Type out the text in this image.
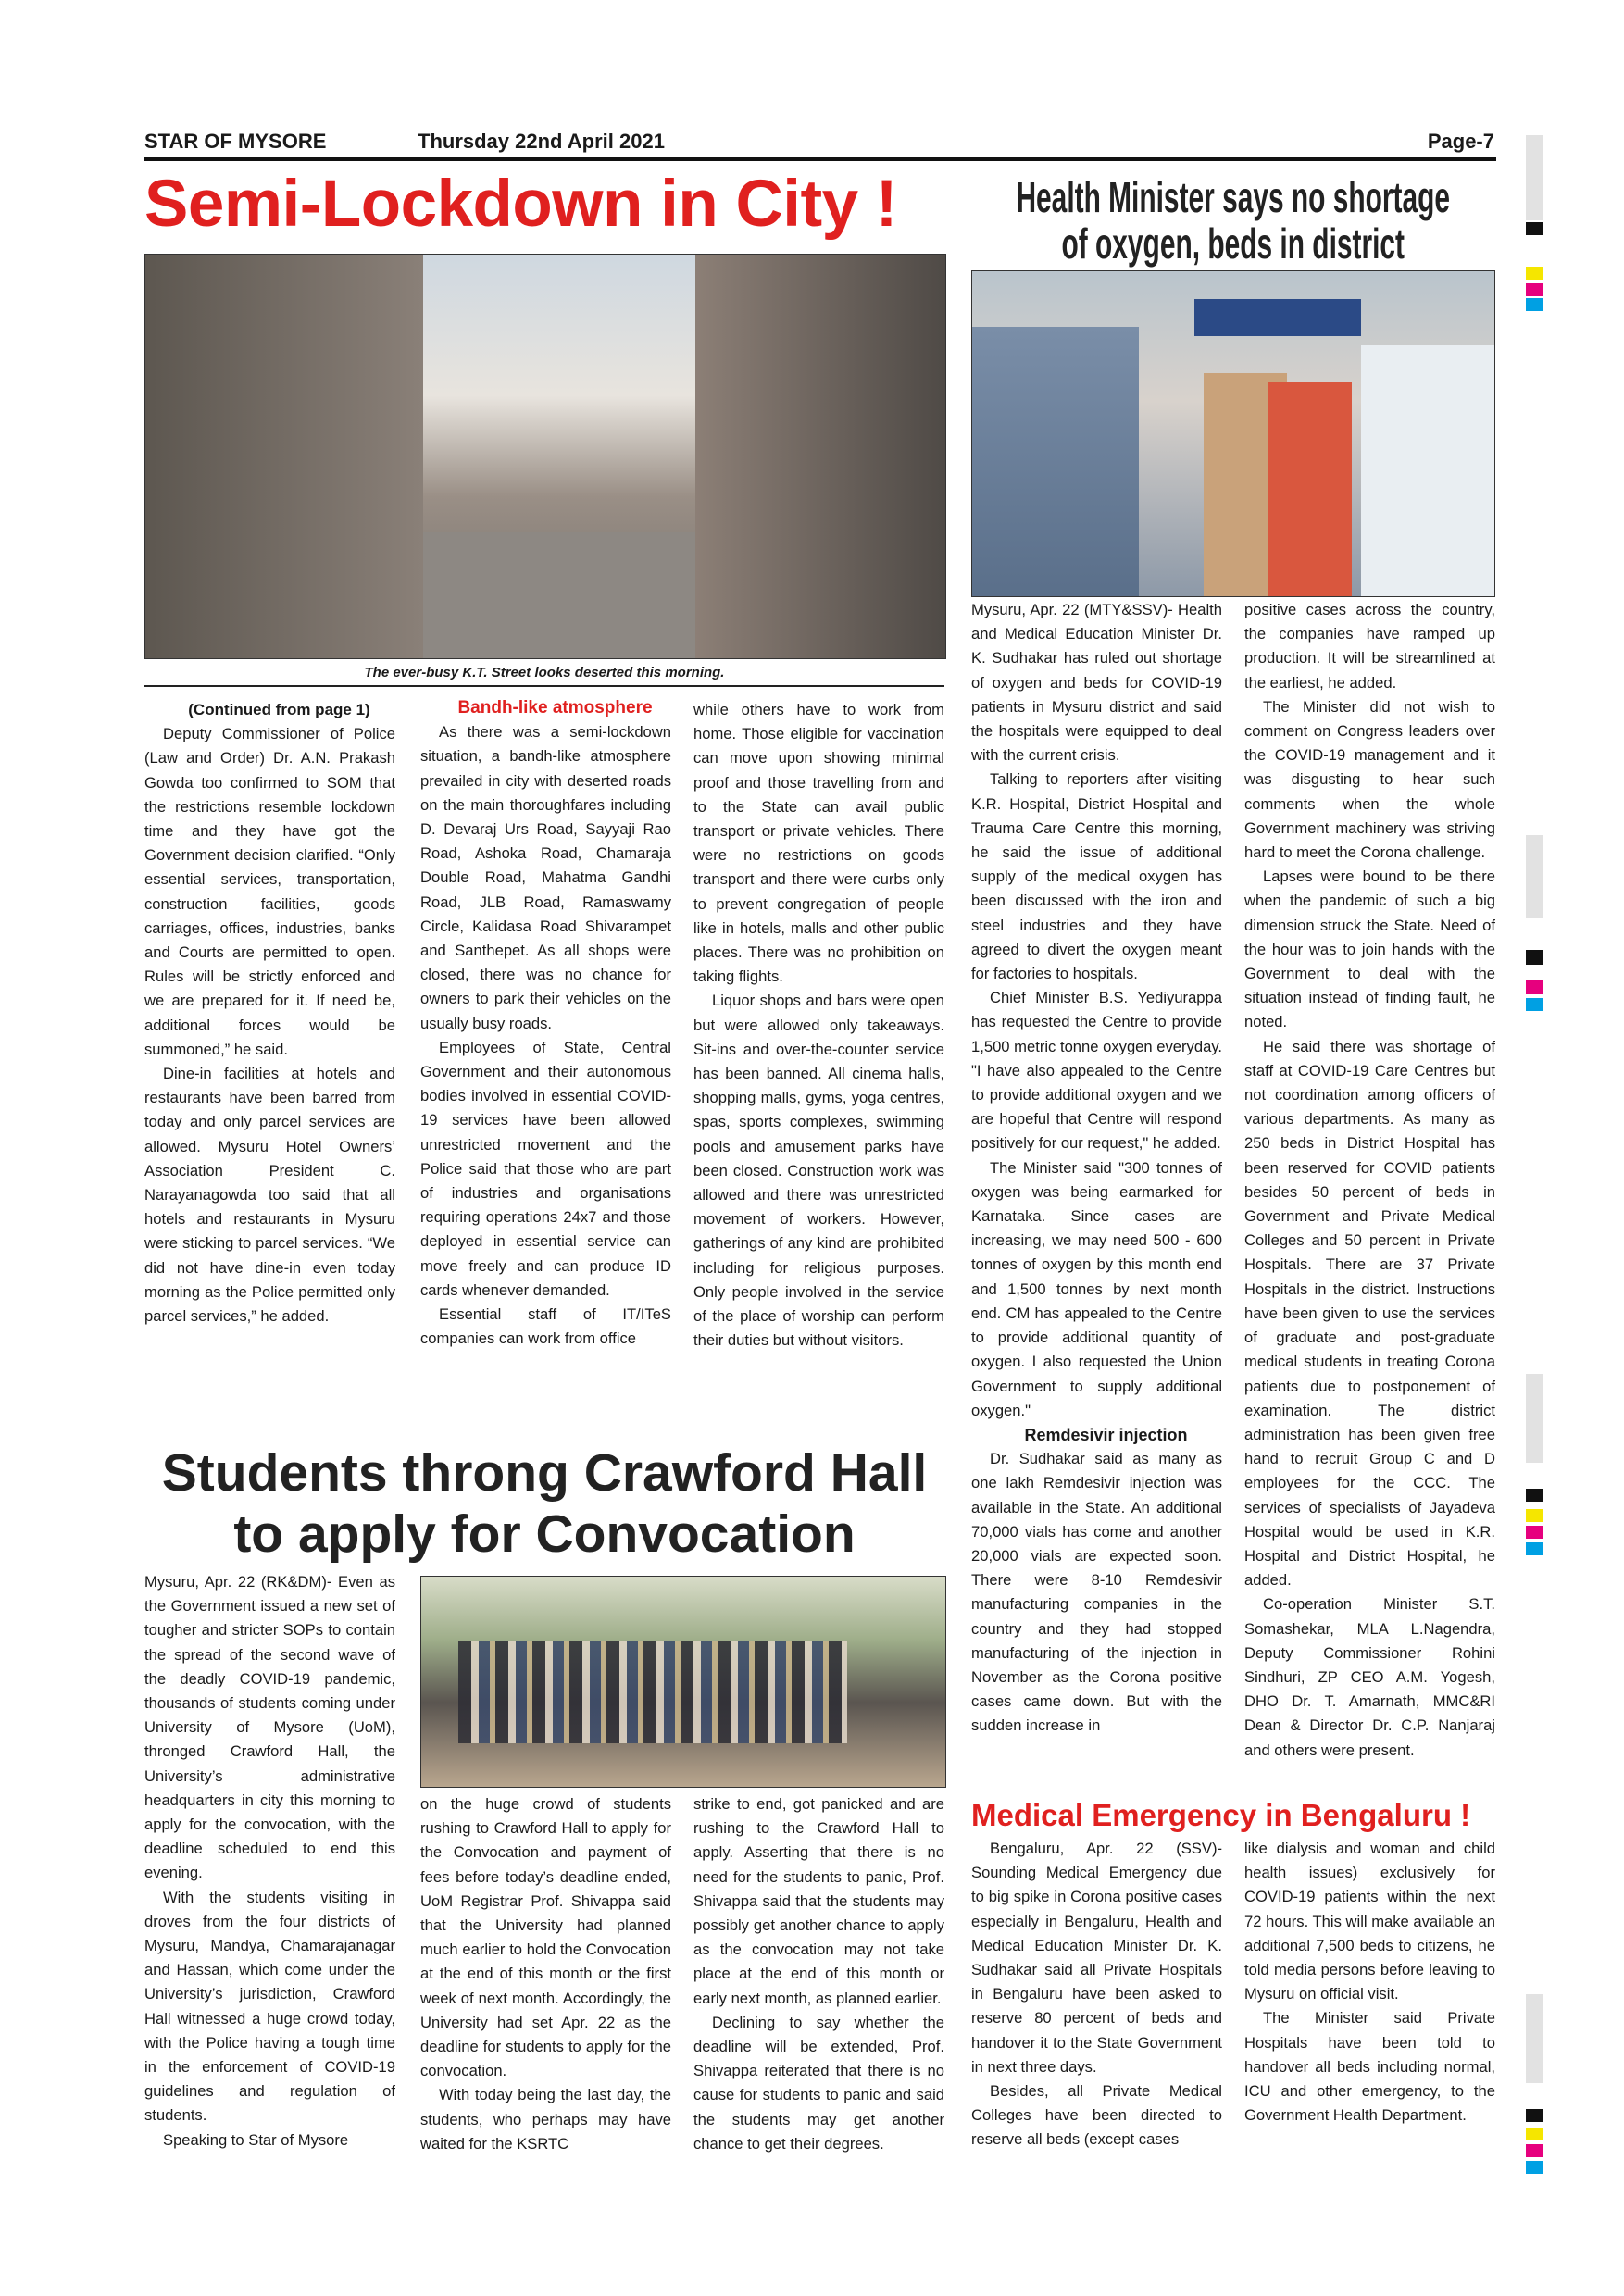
STAR OF MYSORE	Thursday 22nd April 2021	Page-7
Semi-Lockdown in City !
The ever-busy K.T. Street looks deserted this morning.

(Continued from page 1)

Deputy Commissioner of Police (Law and Order) Dr. A.N. Prakash Gowda too confirmed to SOM that the restrictions resemble lockdown time and they have got the Government decision clarified. “Only essential services, transportation, construction facilities, goods carriages, offices, industries, banks and Courts are permitted to open. Rules will be strictly enforced and we are prepared for it. If need be, additional forces would be summoned,” he said.

Dine-in facilities at hotels and restaurants have been barred from today and only parcel services are allowed. Mysuru Hotel Owners’ Association President C. Narayanagowda too said that all hotels and restaurants in Mysuru were sticking to parcel services. “We did not have dine-in even today morning as the Police permitted only parcel services,” he added.

Bandh-like atmosphere

As there was a semi-lockdown situation, a bandh-like atmosphere prevailed in city with deserted roads on the main thoroughfares including D. Devaraj Urs Road, Sayyaji Rao Road, Ashoka Road, Chamaraja Double Road, Mahatma Gandhi Road, JLB Road, Ramaswamy Circle, Kalidasa Road Shivarampet and Santhepet. As all shops were closed, there was no chance for owners to park their vehicles on the usually busy roads.

Employees of State, Central Government and their autonomous bodies involved in essential COVID-19 services have been allowed unrestricted movement and the Police said that those who are part of industries and organisations requiring operations 24x7 and those deployed in essential service can move freely and can produce ID cards whenever demanded.

Essential staff of IT/ITeS companies can work from office

while others have to work from home. Those eligible for vaccination can move upon showing minimal proof and those travelling from and to the State can avail public transport or private vehicles. There were no restrictions on goods transport and there were curbs only to prevent congregation of people like in hotels, malls and other public places. There was no prohibition on taking flights.

Liquor shops and bars were open but were allowed only takeaways. Sit-ins and over-the-counter service has been banned. All cinema halls, shopping malls, gyms, yoga centres, spas, sports complexes, swimming pools and amusement parks have been closed. Construction work was allowed and there was unrestricted movement of workers. However, gatherings of any kind are prohibited including for religious purposes. Only people involved in the service of the place of worship can perform their duties but without visitors.

Health Minister says no shortage
of oxygen, beds in district

Mysuru, Apr. 22 (MTY&SSV)- Health and Medical Education Minister Dr. K. Sudhakar has ruled out shortage of oxygen and beds for COVID-19 patients in Mysuru district and said the hospitals were equipped to deal with the current crisis.

Talking to reporters after visiting K.R. Hospital, District Hospital and Trauma Care Centre this morning, he said the issue of additional supply of the medical oxygen has been discussed with the iron and steel industries and they have agreed to divert the oxygen meant for factories to hospitals.

Chief Minister B.S. Yediyurappa has requested the Centre to provide 1,500 metric tonne oxygen everyday. "I have also appealed to the Centre to provide additional oxygen and we are hopeful that Centre will respond positively for our request," he added.

The Minister said "300 tonnes of oxygen was being earmarked for Karnataka. Since cases are increasing, we may need 500 - 600 tonnes of oxygen by this month end and 1,500 tonnes by next month end. CM has appealed to the Centre to provide additional quantity of oxygen. I also requested the Union Government to supply additional oxygen."

Remdesivir injection

Dr. Sudhakar said as many as one lakh Remdesivir injection was available in the State. An additional 70,000 vials has come and another 20,000 vials are expected soon. There were 8-10 Remdesivir manufacturing companies in the country and they had stopped manufacturing of the injection in November as the Corona positive cases came down. But with the sudden increase in

positive cases across the country, the companies have ramped up production. It will be streamlined at the earliest, he added.

The Minister did not wish to comment on Congress leaders over the COVID-19 management and it was disgusting to hear such comments when the whole Government machinery was striving hard to meet the Corona challenge.

Lapses were bound to be there when the pandemic of such a big dimension struck the State. Need of the hour was to join hands with the Government to deal with the situation instead of finding fault, he noted.

He said there was shortage of staff at COVID-19 Care Centres but not coordination among officers of various departments. As many as 250 beds in District Hospital has been reserved for COVID patients besides 50 percent of beds in Government and Private Medical Colleges and 50 percent in Private Hospitals. There are 37 Private Hospitals in the district. Instructions have been given to use the services of graduate and post-graduate medical students in treating Corona patients due to postponement of examination. The district administration has been given free hand to recruit Group C and D employees for the CCC. The services of specialists of Jayadeva Hospital would be used in K.R. Hospital and District Hospital, he added.

Co-operation Minister S.T. Somashekar, MLA L.Nagendra, Deputy Commissioner Rohini Sindhuri, ZP CEO A.M. Yogesh, DHO Dr. T. Amarnath, MMC&RI Dean & Director Dr. C.P. Nanjaraj and others were present.

Students throng Crawford Hall
to apply for Convocation

Mysuru, Apr. 22 (RK&DM)- Even as the Government issued a new set of tougher and stricter SOPs to contain the spread of the second wave of the deadly COVID-19 pandemic, thousands of students coming under University of Mysore (UoM), thronged Crawford Hall, the University’s administrative headquarters in city this morning to apply for the convocation, with the deadline scheduled to end this evening.

With the students visiting in droves from the four districts of Mysuru, Mandya, Chamarajanagar and Hassan, which come under the University’s jurisdiction, Crawford Hall witnessed a huge crowd today, with the Police having a tough time in the enforcement of COVID-19 guidelines and regulation of students.

Speaking to Star of Mysore

on the huge crowd of students rushing to Crawford Hall to apply for the Convocation and payment of fees before today’s deadline ended, UoM Registrar Prof. Shivappa said that the University had planned much earlier to hold the Convocation at the end of this month or the first week of next month. Accordingly, the University had set Apr. 22 as the deadline for students to apply for the convocation.

With today being the last day, the students, who perhaps may have waited for the KSRTC

strike to end, got panicked and are rushing to the Crawford Hall to apply. Asserting that there is no need for the students to panic, Prof. Shivappa said that the students may possibly get another chance to apply as the convocation may not take place at the end of this month or early next month, as planned earlier.

Declining to say whether the deadline will be extended, Prof. Shivappa reiterated that there is no cause for students to panic and said the students may get another chance to get their degrees.

Medical Emergency in Bengaluru !

Bengaluru, Apr. 22 (SSV)- Sounding Medical Emergency due to big spike in Corona positive cases especially in Bengaluru, Health and Medical Education Minister Dr. K. Sudhakar said all Private Hospitals in Bengaluru have been asked to reserve 80 percent of beds and handover it to the State Government in next three days.

Besides, all Private Medical Colleges have been directed to reserve all beds (except cases

like dialysis and woman and child health issues) exclusively for COVID-19 patients within the next 72 hours. This will make available an additional 7,500 beds to citizens, he told media persons before leaving to Mysuru on official visit.

The Minister said Private Hospitals have been told to handover all beds including normal, ICU and other emergency, to the Government Health Department.
